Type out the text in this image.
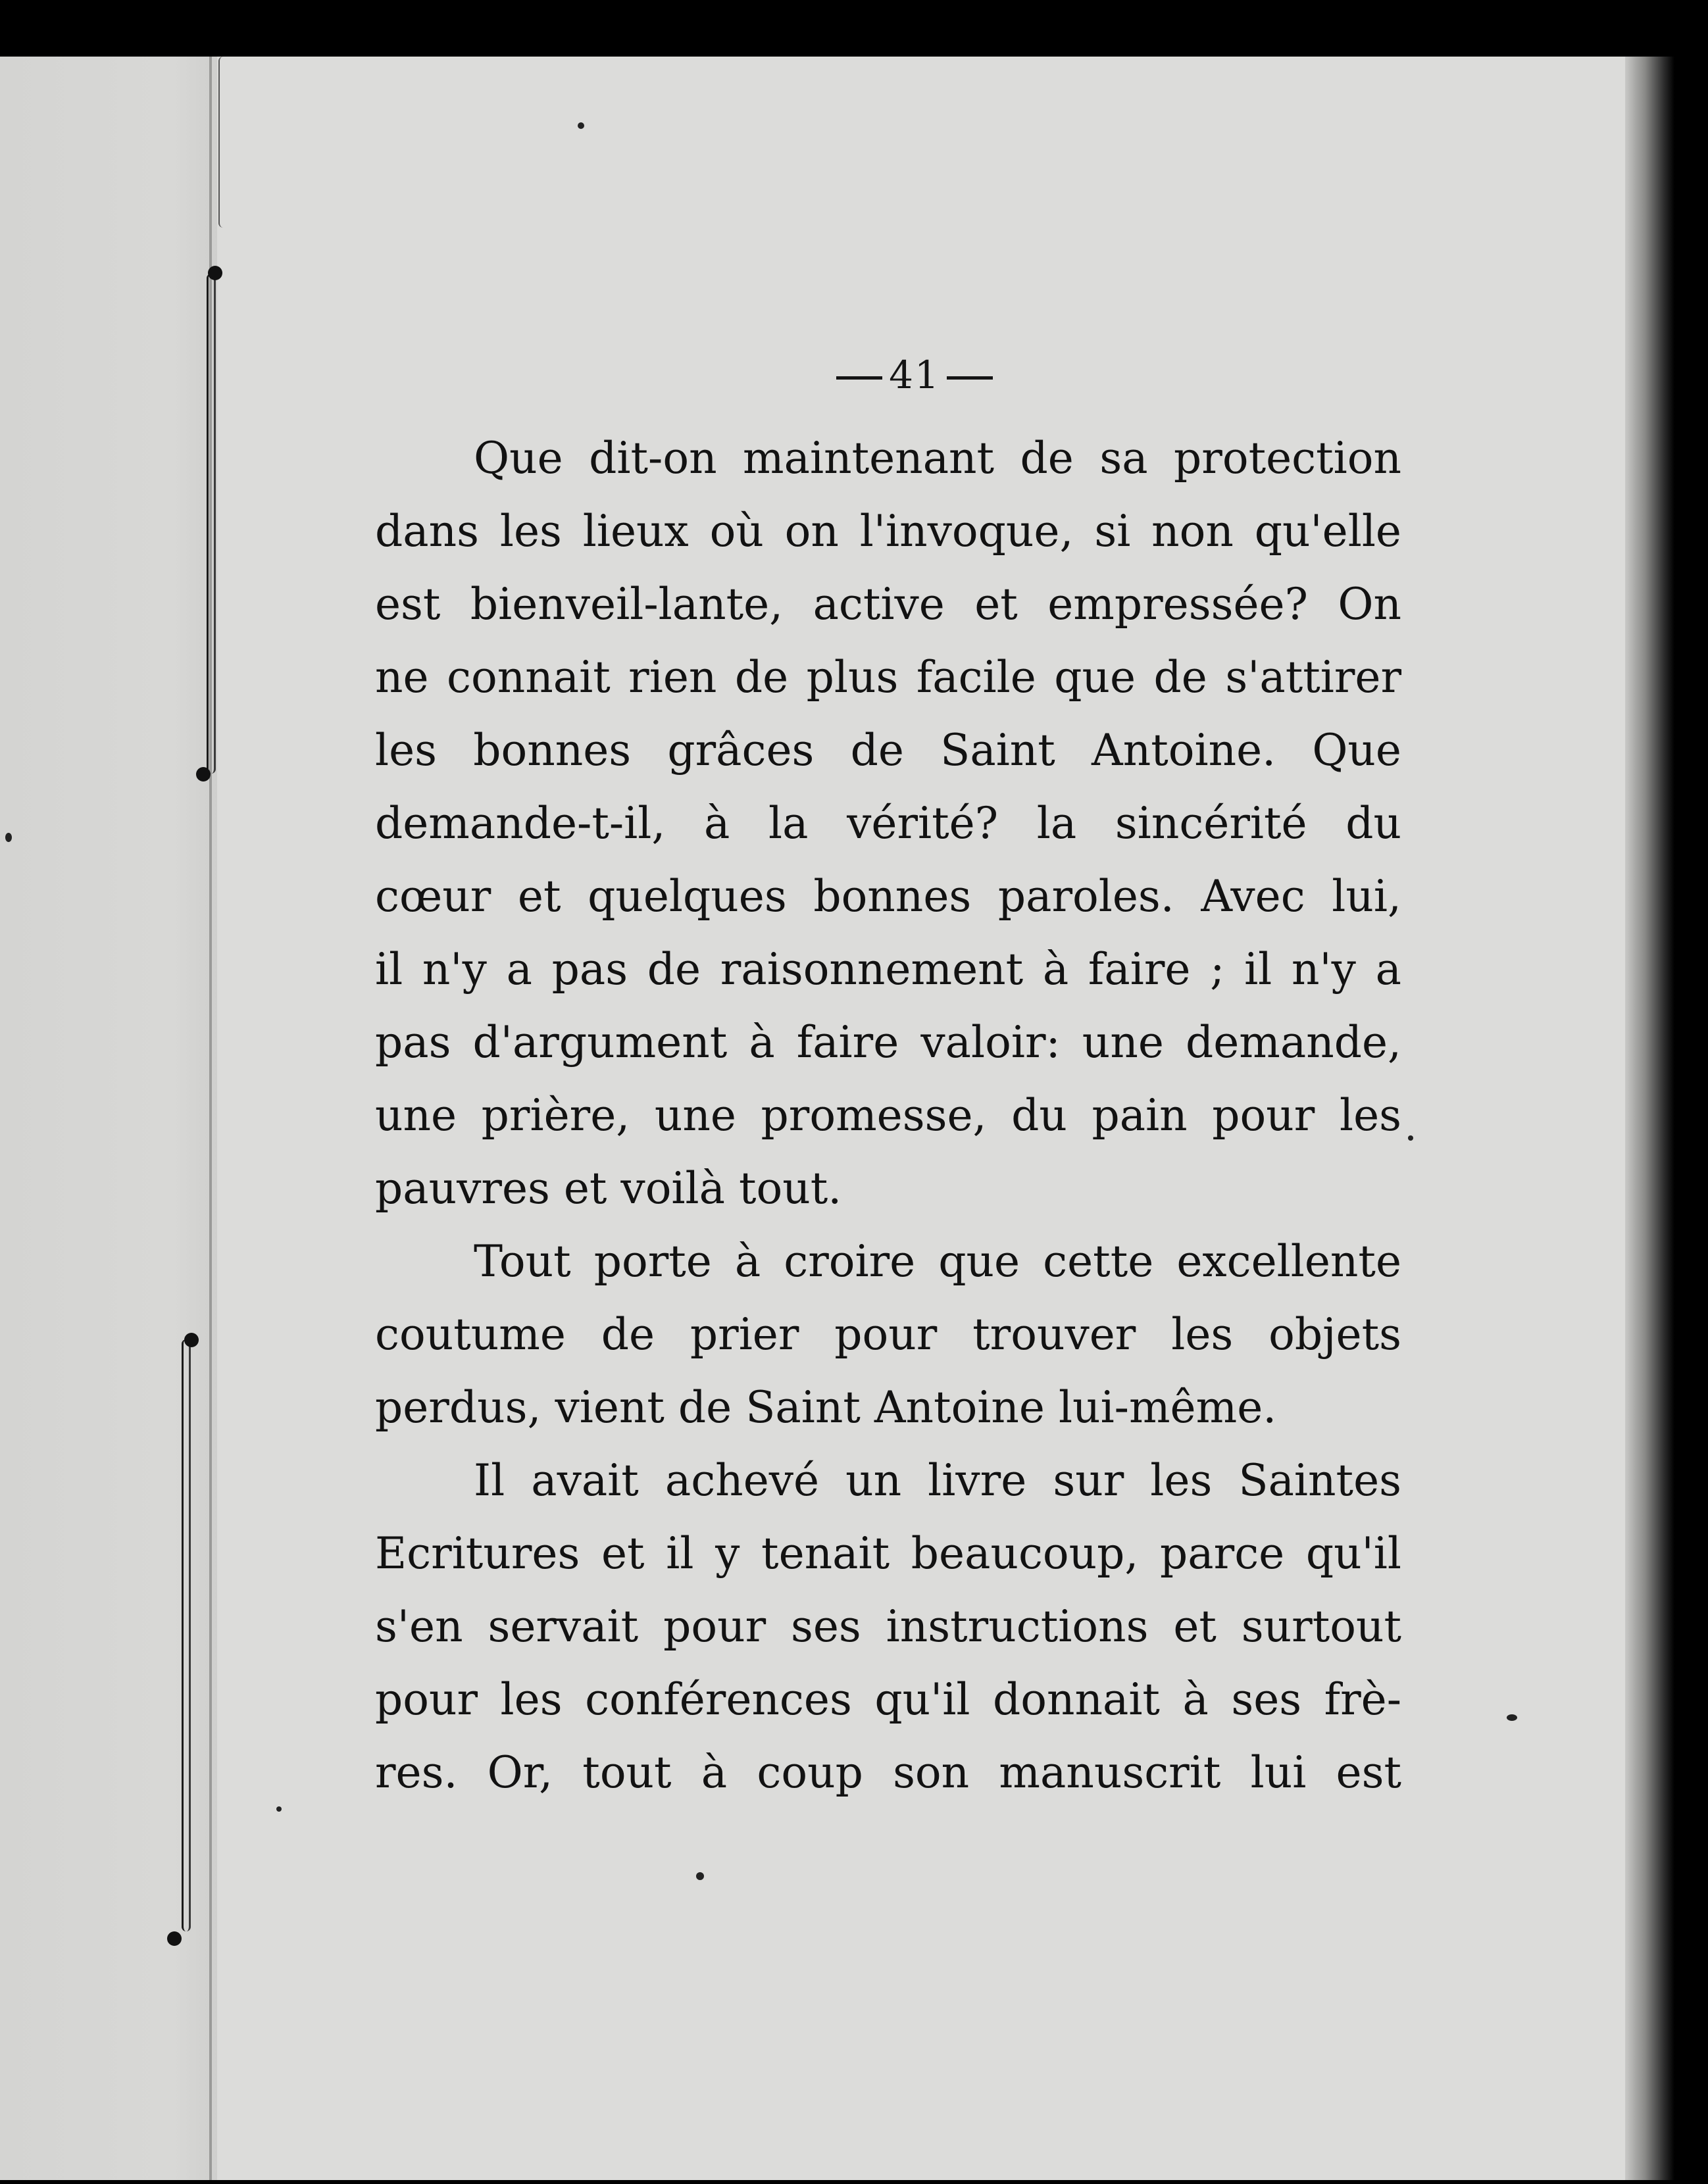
41
Que dit-on maintenant de sa protection
dans les lieux où on l'invoque, si non qu'elle
est bienveil-lante, active et empressée? On
ne connait rien de plus facile que de s'attirer
les bonnes grâces de Saint Antoine. Que
demande-t-il, à la vérité? la sincérité du
cœur et quelques bonnes paroles. Avec lui,
il n'y a pas de raisonnement à faire ; il n'y a
pas d'argument à faire valoir: une demande,
une prière, une promesse, du pain pour les
pauvres et voilà tout.
Tout porte à croire que cette excellente
coutume de prier pour trouver les objets
perdus, vient de Saint Antoine lui-même.
Il avait achevé un livre sur les Saintes
Ecritures et il y tenait beaucoup, parce qu'il
s'en servait pour ses instructions et surtout
pour les conférences qu'il donnait à ses frè-
res. Or, tout à coup son manuscrit lui est
